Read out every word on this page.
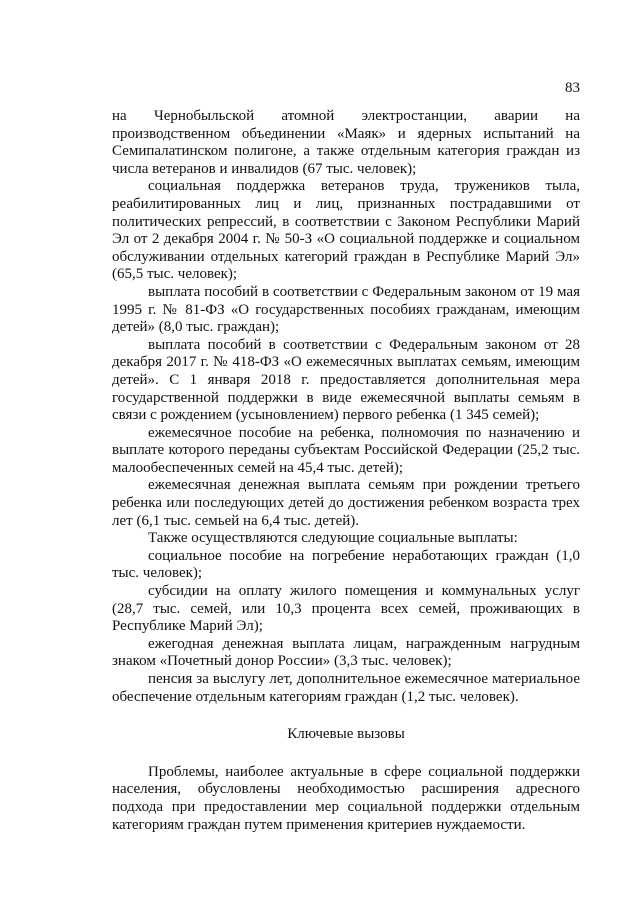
83

на Чернобыльской атомной электростанции, аварии на производственном объединении «Маяк» и ядерных испытаний на Семипалатинском полигоне, а также отдельным категория граждан из числа ветеранов и инвалидов (67 тыс. человек);

социальная поддержка ветеранов труда, тружеников тыла, реабилитированных лиц и лиц, признанных пострадавшими от политических репрессий, в соответствии с Законом Республики Марий Эл от 2 декабря 2004 г. № 50-З «О социальной поддержке и социальном обслуживании отдельных категорий граждан в Республике Марий Эл» (65,5 тыс. человек);

выплата пособий в соответствии с Федеральным законом от 19 мая 1995 г. № 81-ФЗ «О государственных пособиях гражданам, имеющим детей» (8,0 тыс. граждан);

выплата пособий в соответствии с Федеральным законом от 28 декабря 2017 г. № 418-ФЗ «О ежемесячных выплатах семьям, имеющим детей». С 1 января 2018 г. предоставляется дополнительная мера государственной поддержки в виде ежемесячной выплаты семьям в связи с рождением (усыновлением) первого ребенка (1 345 семей);

ежемесячное пособие на ребенка, полномочия по назначению и выплате которого переданы субъектам Российской Федерации (25,2 тыс. малообеспеченных семей на 45,4 тыс. детей);

ежемесячная денежная выплата семьям при рождении третьего ребенка или последующих детей до достижения ребенком возраста трех лет (6,1 тыс. семьей на 6,4 тыс. детей).

Также осуществляются следующие социальные выплаты:

социальное пособие на погребение неработающих граждан (1,0 тыс. человек);

субсидии на оплату жилого помещения и коммунальных услуг (28,7 тыс. семей, или 10,3 процента всех семей, проживающих в Республике Марий Эл);

ежегодная денежная выплата лицам, награжденным нагрудным знаком «Почетный донор России» (3,3 тыс. человек);

пенсия за выслугу лет, дополнительное ежемесячное материальное обеспечение отдельным категориям граждан (1,2 тыс. человек).

Ключевые вызовы

Проблемы, наиболее актуальные в сфере социальной поддержки населения, обусловлены необходимостью расширения адресного подхода при предоставлении мер социальной поддержки отдельным категориям граждан путем применения критериев нуждаемости.
